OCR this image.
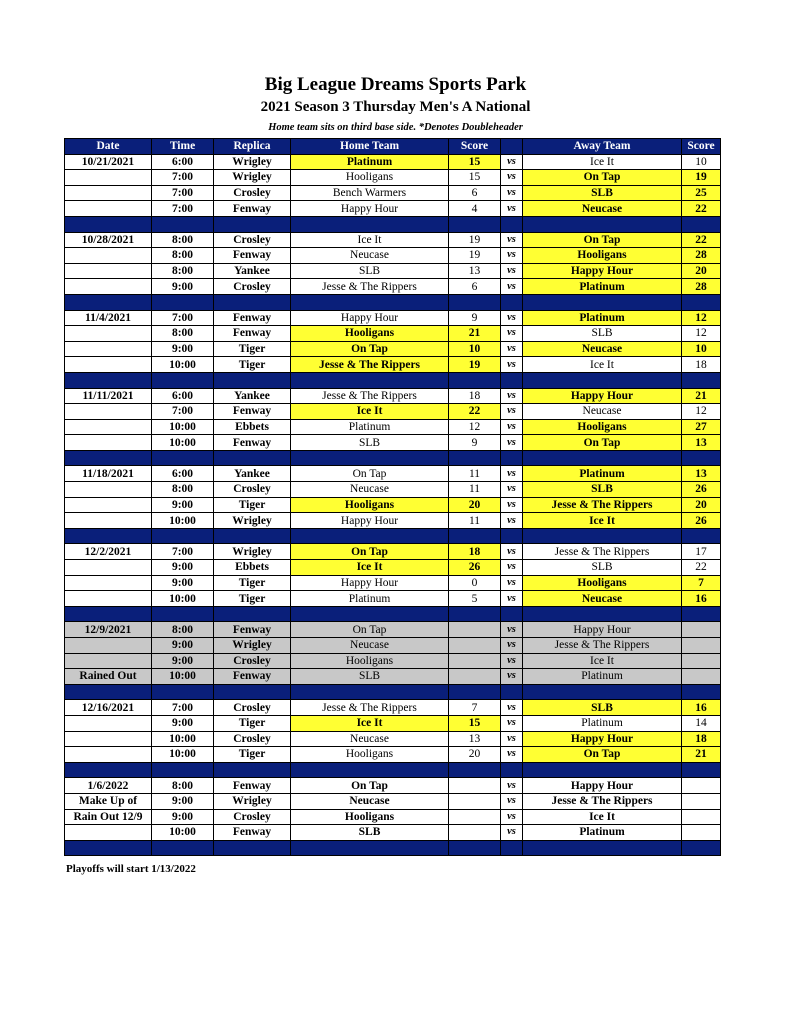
Big League Dreams Sports Park
2021 Season 3 Thursday Men's A National
Home team sits on third base side. *Denotes Doubleheader
Date	Time	Replica	Home Team	Score		Away Team	Score
10/21/2021	6:00	Wrigley	Platinum	15	vs	Ice It	10
	7:00	Wrigley	Hooligans	15	vs	On Tap	19
	7:00	Crosley	Bench Warmers	6	vs	SLB	25
	7:00	Fenway	Happy Hour	4	vs	Neucase	22

10/28/2021	8:00	Crosley	Ice It	19	vs	On Tap	22
	8:00	Fenway	Neucase	19	vs	Hooligans	28
	8:00	Yankee	SLB	13	vs	Happy Hour	20
	9:00	Crosley	Jesse & The Rippers	6	vs	Platinum	28

11/4/2021	7:00	Fenway	Happy Hour	9	vs	Platinum	12
	8:00	Fenway	Hooligans	21	vs	SLB	12
	9:00	Tiger	On Tap	10	vs	Neucase	10
	10:00	Tiger	Jesse & The Rippers	19	vs	Ice It	18

11/11/2021	6:00	Yankee	Jesse & The Rippers	18	vs	Happy Hour	21
	7:00	Fenway	Ice It	22	vs	Neucase	12
	10:00	Ebbets	Platinum	12	vs	Hooligans	27
	10:00	Fenway	SLB	9	vs	On Tap	13

11/18/2021	6:00	Yankee	On Tap	11	vs	Platinum	13
	8:00	Crosley	Neucase	11	vs	SLB	26
	9:00	Tiger	Hooligans	20	vs	Jesse & The Rippers	20
	10:00	Wrigley	Happy Hour	11	vs	Ice It	26

12/2/2021	7:00	Wrigley	On Tap	18	vs	Jesse & The Rippers	17
	9:00	Ebbets	Ice It	26	vs	SLB	22
	9:00	Tiger	Happy Hour	0	vs	Hooligans	7
	10:00	Tiger	Platinum	5	vs	Neucase	16

12/9/2021	8:00	Fenway	On Tap		vs	Happy Hour	
	9:00	Wrigley	Neucase		vs	Jesse & The Rippers	
	9:00	Crosley	Hooligans		vs	Ice It	
Rained Out	10:00	Fenway	SLB		vs	Platinum	

12/16/2021	7:00	Crosley	Jesse & The Rippers	7	vs	SLB	16
	9:00	Tiger	Ice It	15	vs	Platinum	14
	10:00	Crosley	Neucase	13	vs	Happy Hour	18
	10:00	Tiger	Hooligans	20	vs	On Tap	21

1/6/2022	8:00	Fenway	On Tap		vs	Happy Hour	
Make Up of	9:00	Wrigley	Neucase		vs	Jesse & The Rippers	
Rain Out 12/9	9:00	Crosley	Hooligans		vs	Ice It	
	10:00	Fenway	SLB		vs	Platinum	

Playoffs will start 1/13/2022
